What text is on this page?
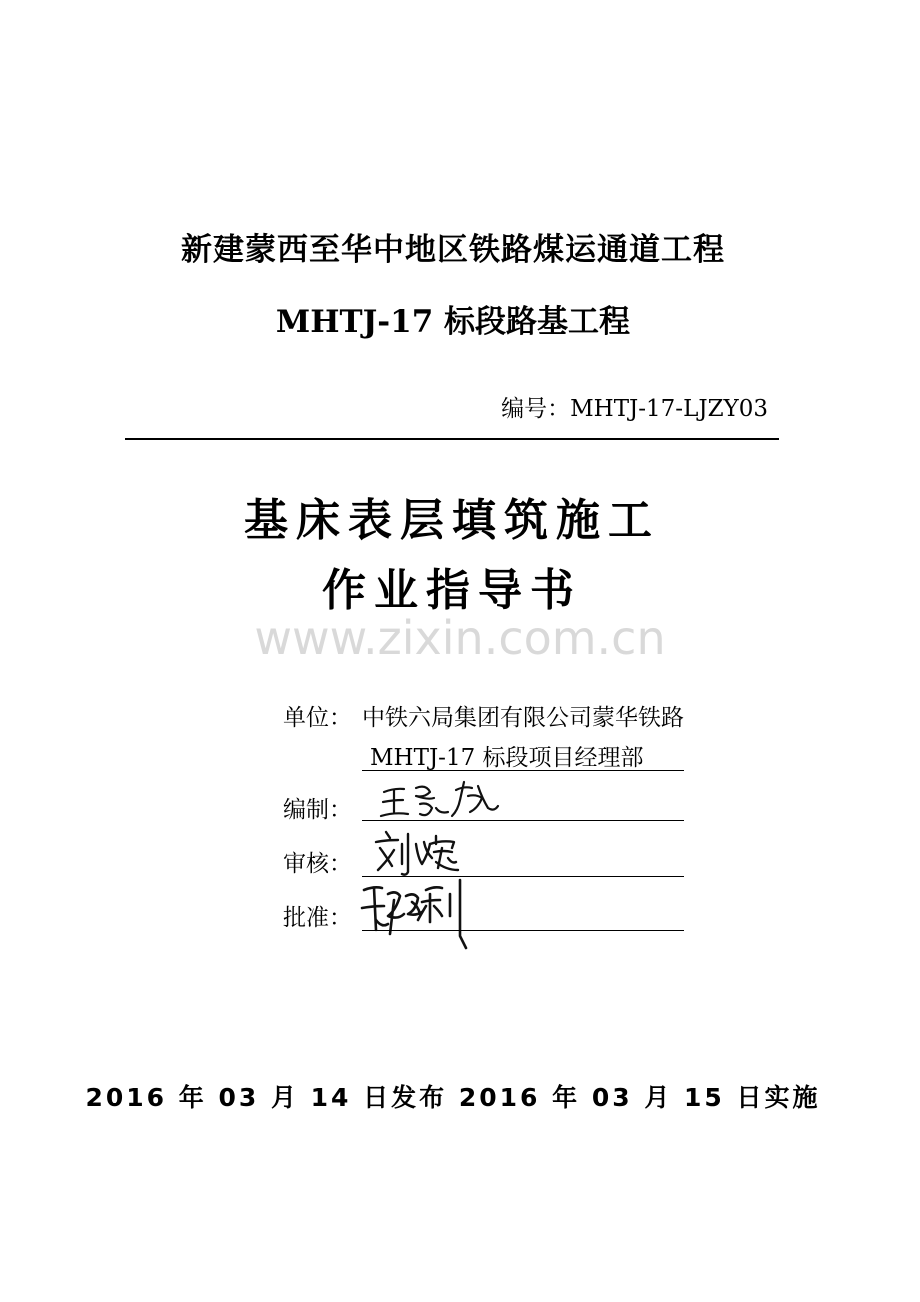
新建蒙西至华中地区铁路煤运通道工程
MHTJ-17 标段路基工程
编号：MHTJ-17-LJZY03
基床表层填筑施工
作业指导书
www.zixin.com.cn
单位： 中铁六局集团有限公司蒙华铁路
MHTJ-17 标段项目经理部
编制：
审核：
批准：
2016 年 03 月 14 日发布 2016 年 03 月 15 日实施
